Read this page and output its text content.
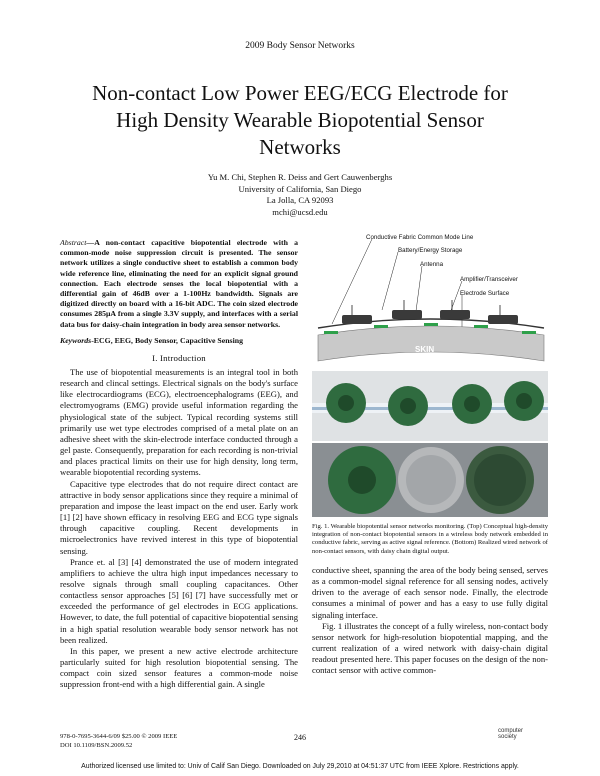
2009 Body Sensor Networks
Non-contact Low Power EEG/ECG Electrode for
High Density Wearable Biopotential Sensor
Networks
Yu M. Chi, Stephen R. Deiss and Gert Cauwenberghs
University of California, San Diego
La Jolla, CA 92093
mchi@ucsd.edu
Abstract—A non-contact capacitive biopotential electrode with a common-mode noise suppression circuit is presented. The sensor network utilizes a single conductive sheet to establish a common body wide reference line, eliminating the need for an explicit signal ground connection. Each electrode senses the local biopotential with a differential gain of 46dB over a 1-100Hz bandwidth. Signals are digitized directly on board with a 16-bit ADC. The coin sized electrode consumes 285μA from a single 3.3V supply, and interfaces with a serial data bus for daisy-chain integration in body area sensor networks.
Keywords-ECG, EEG, Body Sensor, Capacitive Sensing
I. Introduction

The use of biopotential measurements is an integral tool in both research and clincal settings. Electrical signals on the body's surface like electrocardiograms (ECG), electroencephalograms (EEG), and electromyograms (EMG) provide useful information regarding the physiological state of the subject. Typical recording systems still primarily use wet type electrodes comprised of a metal plate on an adhesive sheet with the skin-electrode interface conducted through a gel paste. Consequently, preparation for each recording is non-trivial and places practical limits on their use for high density, long term, wearable biopotential recording systems.

Capacitive type electrodes that do not require direct contact are attractive in body sensor applications since they require a minimal of preparation and impose the least impact on the end user. Early work [1] [2] have shown efficacy in resolving EEG and ECG type signals through capacitive coupling. Recent developments in microelectronics have revived interest in this type of biopotential sensing.

Prance et. al [3] [4] demonstrated the use of modern integrated amplifiers to achieve the ultra high input impedances necessary to resolve signals through small coupling capacitances. Other contactless sensor approaches [5] [6] [7] have successfully met or exceeded the performance of gel electrodes in ECG applications. However, to date, the full potential of capacitive biopotential sensing in a high spatial resolution wearable body sensor network has not been realized.

In this paper, we present a new active electrode architecture particularly suited for high resolution biopotential sensing. The compact coin sized sensor features a common-mode noise suppression front-end with a high differential gain. A single

Conductive Fabric Common Mode Line
Battery/Energy Storage
Antenna
Amplifier/Transceiver
Electrode Surface
SKIN
Fig. 1. Wearable biopotential sensor networks monitoring. (Top) Conceptual high-density integration of non-contact biopotential sensors in a wireless body network embedded in conductive fabric, serving as active signal reference. (Bottom) Realized wired network of non-contact sensors, with daisy chain digital output.

conductive sheet, spanning the area of the body being sensed, serves as a common-model signal reference for all sensing nodes, actively driven to the average of each sensor node. Finally, the electrode consumes a minimal of power and has a easy to use fully digital signaling interface.

Fig. 1 illustrates the concept of a fully wireless, non-contact body sensor network for high-resolution biopotential mapping, and the current realization of a wired network with daisy-chain digital readout presented here. This paper focuses on the design of the non-contact sensor with active common-

978-0-7695-3644-6/09 $25.00 © 2009 IEEE
DOI 10.1109/BSN.2009.52
246
computer
society
Authorized licensed use limited to: Univ of Calif San Diego. Downloaded on July 29,2010 at 04:51:37 UTC from IEEE Xplore. Restrictions apply.
